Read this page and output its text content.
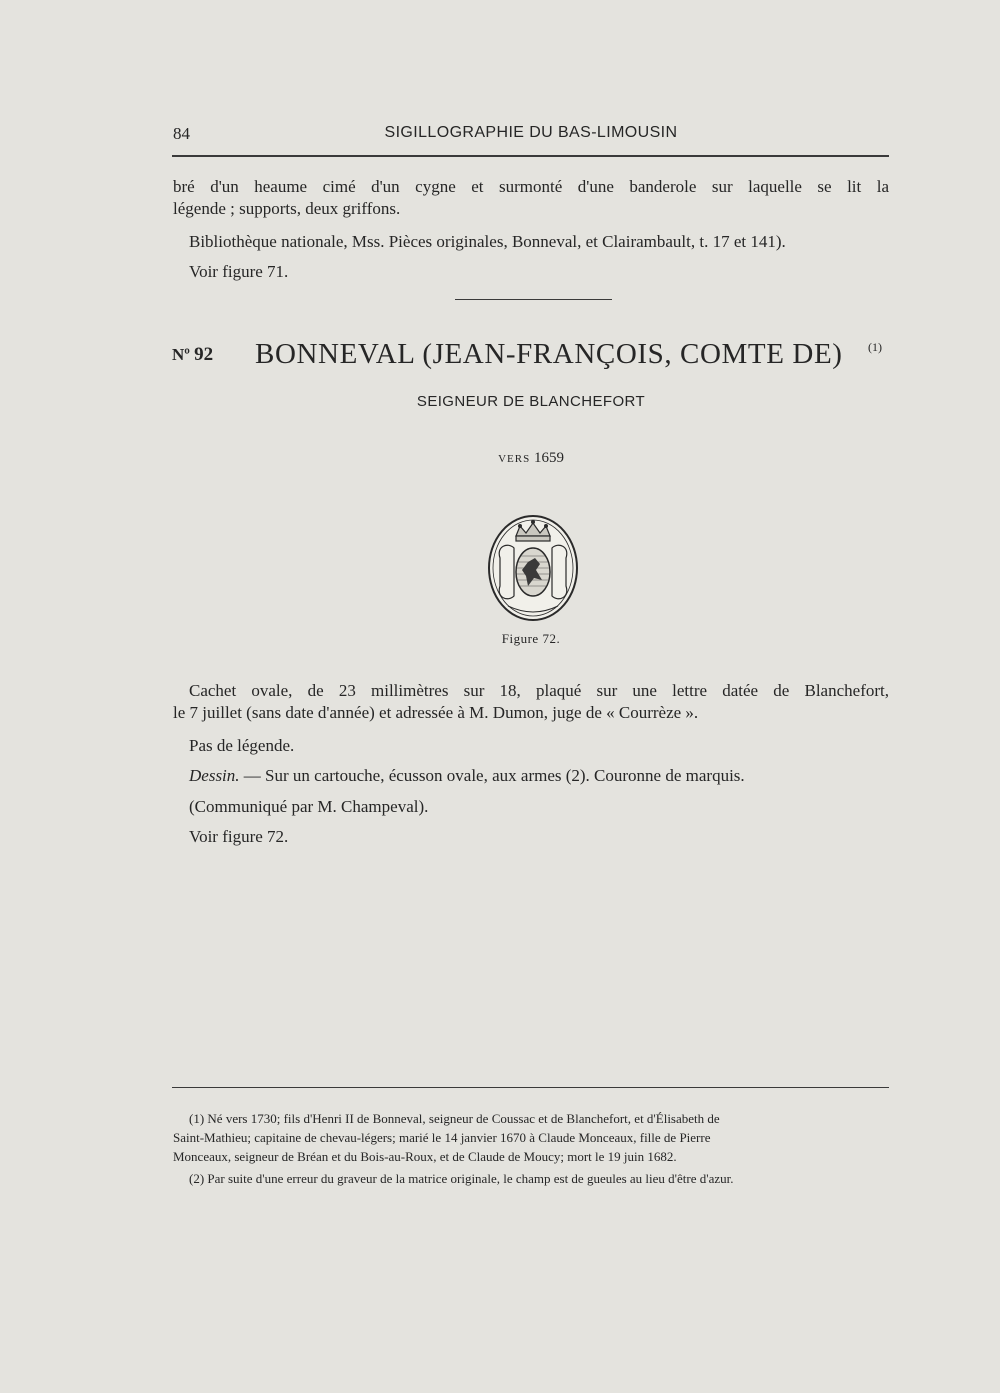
84	SIGILLOGRAPHIE DU BAS-LIMOUSIN

bré d'un heaume cimé d'un cygne et surmonté d'une banderole sur laquelle se lit la

légende ; supports, deux griffons.

Bibliothèque nationale, Mss. Pièces originales, Bonneval, et Clairambault, t. 17 et 141).

Voir figure 71.

Nº 92 BONNEVAL (JEAN-FRANÇOIS, COMTE DE) (1)
SEIGNEUR DE BLANCHEFORT
VERS 1659
Figure 72.

Cachet ovale, de 23 millimètres sur 18, plaqué sur une lettre datée de Blanchefort,

le 7 juillet (sans date d'année) et adressée à M. Dumon, juge de « Courrèze ».

Pas de légende.

Dessin. — Sur un cartouche, écusson ovale, aux armes (2). Couronne de marquis.

(Communiqué par M. Champeval).

Voir figure 72.

(1) Né vers 1730; fils d'Henri II de Bonneval, seigneur de Coussac et de Blanchefort, et d'Élisabeth de

Saint-Mathieu; capitaine de chevau-légers; marié le 14 janvier 1670 à Claude Monceaux, fille de Pierre

Monceaux, seigneur de Bréan et du Bois-au-Roux, et de Claude de Moucy; mort le 19 juin 1682.

(2) Par suite d'une erreur du graveur de la matrice originale, le champ est de gueules au lieu d'être d'azur.
